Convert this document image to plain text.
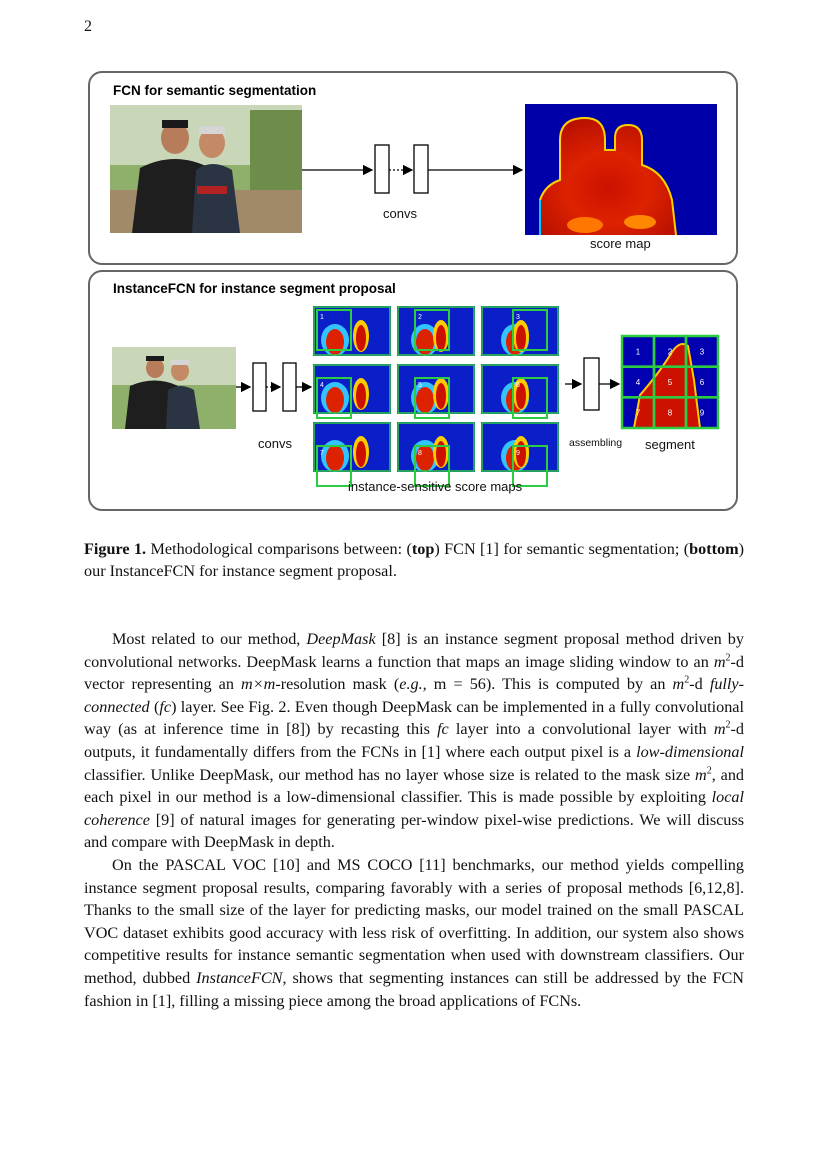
2
FCN for semantic segmentation
convs
score map
InstanceFCN for instance segment proposal
1	2	3
4	5	6
7	8	9
1	2	3
4	5	6
7	8	9
convs
instance-sensitive score maps
assembling segment
Figure 1. Methodological comparisons between: (top) FCN [1] for semantic segmentation; (bottom) our InstanceFCN for instance segment proposal.

Most related to our method, DeepMask [8] is an instance segment proposal method driven by convolutional networks. DeepMask learns a function that maps an image sliding window to an $m^2-d$ vector representing an m×m-resolution mask (e.g., m = 56). This is computed by an $m^2-d$ fully-connected (fc) layer. See Fig. 2. Even though DeepMask can be implemented in a fully convolutional way (as at inference time in [8]) by recasting this fc layer into a convolutional layer with $m^2-d$ outputs, it fundamentally differs from the FCNs in [1] where each output pixel is a low-dimensional classifier. Unlike DeepMask, our method has no layer whose size is related to the mask size $m^2$, and each pixel in our method is a low-dimensional classifier. This is made possible by exploiting local coherence [9] of natural images for generating per-window pixel-wise predictions. We will discuss and compare with DeepMask in depth.

On the PASCAL VOC [10] and MS COCO [11] benchmarks, our method yields compelling instance segment proposal results, comparing favorably with a series of proposal methods [6,12,8]. Thanks to the small size of the layer for predicting masks, our model trained on the small PASCAL VOC dataset exhibits good accuracy with less risk of overfitting. In addition, our system also shows competitive results for instance semantic segmentation when used with downstream classifiers. Our method, dubbed InstanceFCN, shows that segmenting instances can still be addressed by the FCN fashion in [1], filling a missing piece among the broad applications of FCNs.
